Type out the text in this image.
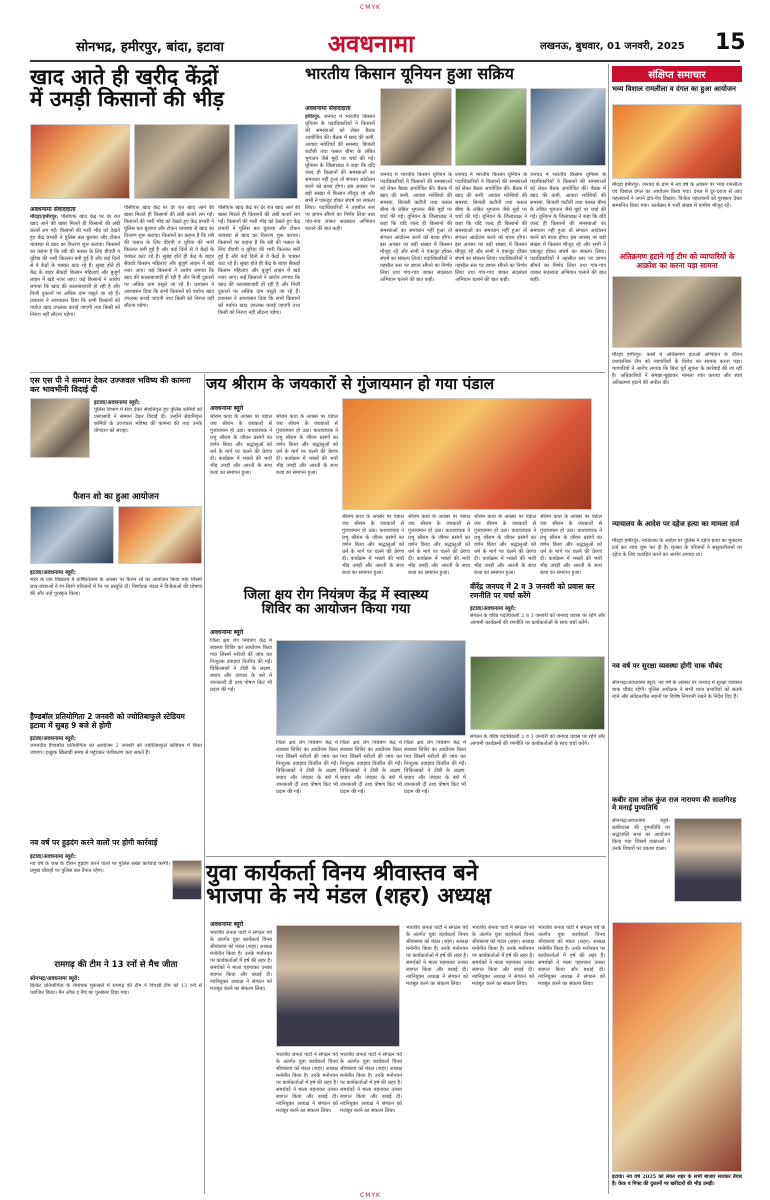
CMYK
सोनभद्र, हमीरपुर, बांदा, इटावा	अवधनामा	लखनऊ, बुधवार, 01 जनवरी, 2025 15
खाद आते ही खरीद केंद्रों
में उमड़ी किसानों की भीड़
अवधनामा संवाददाता
मौदहा/हमीरपुर: पीसीएफ खाद केंद्र पर देर रात खाद आने की खबर मिलते ही किसानों की लंबी कतारें लग गईं। किसानों की भारी भीड़ को देखते हुए केंद्र प्रभारी ने पुलिस बल बुलाया और टोकन व्यवस्था से खाद का वितरण शुरू कराया। किसानों का कहना है कि रबी की फसल के लिए डीएपी व यूरिया की भारी किल्लत बनी हुई है और कई दिनों से वे केंद्रों के चक्कर काट रहे हैं। सुबह होते ही केंद्र के बाहर सैकड़ों किसान महिलाएं और बुजुर्ग लाइन में खड़े नजर आए। कई किसानों ने आरोप लगाया कि खाद की कालाबाजारी हो रही है और निजी दुकानों पर अधिक दाम वसूले जा रहे हैं। प्रशासन ने आश्वासन दिया कि सभी किसानों को पर्याप्त खाद उपलब्ध कराई जाएगी तथा किसी को निराश नहीं लौटना पड़ेगा।
पीसीएफ खाद केंद्र पर देर रात खाद आने की खबर मिलते ही किसानों की लंबी कतारें लग गईं। किसानों की भारी भीड़ को देखते हुए केंद्र प्रभारी ने पुलिस बल बुलाया और टोकन व्यवस्था से खाद का वितरण शुरू कराया। किसानों का कहना है कि रबी की फसल के लिए डीएपी व यूरिया की भारी किल्लत बनी हुई है और कई दिनों से वे केंद्रों के चक्कर काट रहे हैं। सुबह होते ही केंद्र के बाहर सैकड़ों किसान महिलाएं और बुजुर्ग लाइन में खड़े नजर आए। कई किसानों ने आरोप लगाया कि खाद की कालाबाजारी हो रही है और निजी दुकानों पर अधिक दाम वसूले जा रहे हैं। प्रशासन ने आश्वासन दिया कि सभी किसानों को पर्याप्त खाद उपलब्ध कराई जाएगी तथा किसी को निराश नहीं लौटना पड़ेगा।
पीसीएफ खाद केंद्र पर देर रात खाद आने की खबर मिलते ही किसानों की लंबी कतारें लग गईं। किसानों की भारी भीड़ को देखते हुए केंद्र प्रभारी ने पुलिस बल बुलाया और टोकन व्यवस्था से खाद का वितरण शुरू कराया। किसानों का कहना है कि रबी की फसल के लिए डीएपी व यूरिया की भारी किल्लत बनी हुई है और कई दिनों से वे केंद्रों के चक्कर काट रहे हैं। सुबह होते ही केंद्र के बाहर सैकड़ों किसान महिलाएं और बुजुर्ग लाइन में खड़े नजर आए। कई किसानों ने आरोप लगाया कि खाद की कालाबाजारी हो रही है और निजी दुकानों पर अधिक दाम वसूले जा रहे हैं। प्रशासन ने आश्वासन दिया कि सभी किसानों को पर्याप्त खाद उपलब्ध कराई जाएगी तथा किसी को निराश नहीं लौटना पड़ेगा।
भारतीय किसान यूनियन हुआ सक्रिय
अवधनामा संवाददाता
हमीरपुर: जनपद में भारतीय किसान यूनियन के पदाधिकारियों ने किसानों की समस्याओं को लेकर बैठक आयोजित की। बैठक में खाद की कमी, आवारा मवेशियों की समस्या, बिजली कटौती तथा फसल बीमा के लंबित भुगतान जैसे मुद्दों पर चर्चा की गई। यूनियन के जिलाध्यक्ष ने कहा कि यदि जल्द ही किसानों की समस्याओं का समाधान नहीं हुआ तो संगठन आंदोलन करने को बाध्य होगा। इस अवसर पर बड़ी संख्या में किसान मौजूद रहे और सभी ने एकजुट होकर संघर्ष का संकल्प लिया। पदाधिकारियों ने तहसील स्तर पर ज्ञापन सौंपने का निर्णय लिया तथा गांव-गांव जाकर सदस्यता अभियान चलाने की बात कही।
जनपद में भारतीय किसान यूनियन के पदाधिकारियों ने किसानों की समस्याओं को लेकर बैठक आयोजित की। बैठक में खाद की कमी, आवारा मवेशियों की समस्या, बिजली कटौती तथा फसल बीमा के लंबित भुगतान जैसे मुद्दों पर चर्चा की गई। यूनियन के जिलाध्यक्ष ने कहा कि यदि जल्द ही किसानों की समस्याओं का समाधान नहीं हुआ तो संगठन आंदोलन करने को बाध्य होगा। इस अवसर पर बड़ी संख्या में किसान मौजूद रहे और सभी ने एकजुट होकर संघर्ष का संकल्प लिया। पदाधिकारियों ने तहसील स्तर पर ज्ञापन सौंपने का निर्णय लिया तथा गांव-गांव जाकर सदस्यता अभियान चलाने की बात कही।
जनपद में भारतीय किसान यूनियन के पदाधिकारियों ने किसानों की समस्याओं को लेकर बैठक आयोजित की। बैठक में खाद की कमी, आवारा मवेशियों की समस्या, बिजली कटौती तथा फसल बीमा के लंबित भुगतान जैसे मुद्दों पर चर्चा की गई। यूनियन के जिलाध्यक्ष ने कहा कि यदि जल्द ही किसानों की समस्याओं का समाधान नहीं हुआ तो संगठन आंदोलन करने को बाध्य होगा। इस अवसर पर बड़ी संख्या में किसान मौजूद रहे और सभी ने एकजुट होकर संघर्ष का संकल्प लिया। पदाधिकारियों ने तहसील स्तर पर ज्ञापन सौंपने का निर्णय लिया तथा गांव-गांव जाकर सदस्यता अभियान चलाने की बात कही।
जनपद में भारतीय किसान यूनियन के पदाधिकारियों ने किसानों की समस्याओं को लेकर बैठक आयोजित की। बैठक में खाद की कमी, आवारा मवेशियों की समस्या, बिजली कटौती तथा फसल बीमा के लंबित भुगतान जैसे मुद्दों पर चर्चा की गई। यूनियन के जिलाध्यक्ष ने कहा कि यदि जल्द ही किसानों की समस्याओं का समाधान नहीं हुआ तो संगठन आंदोलन करने को बाध्य होगा। इस अवसर पर बड़ी संख्या में किसान मौजूद रहे और सभी ने एकजुट होकर संघर्ष का संकल्प लिया। पदाधिकारियों ने तहसील स्तर पर ज्ञापन सौंपने का निर्णय लिया तथा गांव-गांव जाकर सदस्यता अभियान चलाने की बात कही।
संक्षिप्त समाचार
भव्य विशाल रामलीला व दंगल का हुआ आयोजन
मौदहा हमीरपुर: जनपद के ग्राम में नव वर्ष के अवसर पर भव्य रामलीला एवं विशाल दंगल का आयोजन किया गया। दंगल में दूर-दराज से आए पहलवानों ने अपने दांव-पेच दिखाए। विजेता पहलवानों को पुरस्कार देकर सम्मानित किया गया। कार्यक्रम में भारी संख्या में ग्रामीण मौजूद रहे।
अतिक्रमण हटाने गई टीम को व्यापारियों के आक्रोश का करना पड़ा सामना
मौदहा हमीरपुर: कस्बे में अतिक्रमण हटाओ अभियान के दौरान प्रशासनिक टीम को व्यापारियों के विरोध का सामना करना पड़ा। व्यापारियों ने आरोप लगाया कि बिना पूर्व सूचना के कार्रवाई की जा रही है। अधिकारियों ने समझा-बुझाकर मामला शांत कराया और स्वयं अतिक्रमण हटाने की अपील की।
न्यायालय के आदेश पर दहेज हत्या का मामला दर्ज
मौदहा हमीरपुर: न्यायालय के आदेश पर पुलिस ने दहेज हत्या का मुकदमा दर्ज कर जांच शुरू कर दी है। मृतका के परिजनों ने ससुरालीजनों पर दहेज के लिए प्रताड़ित करने का आरोप लगाया था।
नव वर्ष पर सुरक्षा व्यवस्था होगी चाक चौबंद
सोनभद्र/अवधनामा ब्यूरो: नव वर्ष के अवसर पर जनपद में सुरक्षा व्यवस्था चाक चौबंद रहेगी। पुलिस अधीक्षक ने सभी थाना प्रभारियों को सतर्क रहने और संवेदनशील स्थानों पर विशेष निगरानी रखने के निर्देश दिए हैं।
कबीर दास लोक कुंज राज नारायण की सालगिरह मे मनाई पुण्यतिथि
सोनभद्र/अवधनामा ब्यूरो: कबीरदास की पुण्यतिथि पर श्रद्धांजलि सभा का आयोजन किया गया जिसमें वक्ताओं ने उनके विचारों पर प्रकाश डाला।
इटावा। नव वर्ष 2025 को लेकर शहर के सभी बाजार सजकर तैयार हैं। केक व गिफ्ट की दुकानों पर खरीदारों की भीड़ उमड़ी।
एस एस पी ने सम्मान देकर उज्जवल भविष्य की कामना कर भावभीनी विदाई दी
इटावा/अवधनामा ब्यूरो:
पुलिस विभाग में सेवा देकर सेवानिवृत्त हुए पुलिस कर्मियों को एसएसपी ने सम्मान देकर विदाई दी। उन्होंने सेवानिवृत्त कर्मियों के उज्जवल भविष्य की कामना की तथा उनके योगदान को सराहा।
फैशन शो का हुआ आयोजन
इटावा/अवधनामा ब्यूरो:
शहर के एक विद्यालय में वार्षिकोत्सव के अवसर पर फैशन शो का आयोजन किया गया जिसमें छात्र-छात्राओं ने रंग-बिरंगे परिधानों में रैंप पर प्रस्तुति दी। निर्णायक मंडल ने विजेताओं की घोषणा की और उन्हें पुरस्कृत किया।
हैण्डबॉल प्रतियोगिता 2 जनवरी को ज्योतिबाफुले स्टेडियम इटावा में सुबह 9 बजे से होगी
इटावा/अवधनामा ब्यूरो:
जनपदीय हैण्डबॉल प्रतियोगिता का आयोजन 2 जनवरी को ज्योतिबाफुले स्टेडियम में किया जाएगा। इच्छुक खिलाड़ी समय से पहुंचकर पंजीकरण करा सकते हैं।
नव वर्ष पर हुड़दंग करने वालों पर होगी कार्रवाई
इटावा/अवधनामा ब्यूरो:
नव वर्ष के जश्न के दौरान हुड़दंग करने वालों पर पुलिस सख्त कार्रवाई करेगी। प्रमुख चौराहों पर पुलिस बल तैनात रहेगा।
रामगढ़ की टीम ने 13 रनों से मैच जीता
सोनभद्र/अवधनामा ब्यूरो:
क्रिकेट प्रतियोगिता के रोमांचक मुकाबले में रामगढ़ की टीम ने विपक्षी टीम को 13 रनों से पराजित किया। मैन ऑफ द मैच का पुरस्कार दिया गया।
जय श्रीराम के जयकारों से गुंजायमान हो गया पंडाल
अवधनामा ब्यूरो
श्रीराम कथा के अवसर पर पंडाल जय श्रीराम के जयकारों से गुंजायमान हो उठा। कथावाचक ने प्रभु श्रीराम के जीवन प्रसंगों का वर्णन किया और श्रद्धालुओं को धर्म के मार्ग पर चलने की प्रेरणा दी। कार्यक्रम में भक्तों की भारी भीड़ उमड़ी और आरती के साथ कथा का समापन हुआ।
श्रीराम कथा के अवसर पर पंडाल जय श्रीराम के जयकारों से गुंजायमान हो उठा। कथावाचक ने प्रभु श्रीराम के जीवन प्रसंगों का वर्णन किया और श्रद्धालुओं को धर्म के मार्ग पर चलने की प्रेरणा दी। कार्यक्रम में भक्तों की भारी भीड़ उमड़ी और आरती के साथ कथा का समापन हुआ।
श्रीराम कथा के अवसर पर पंडाल जय श्रीराम के जयकारों से गुंजायमान हो उठा। कथावाचक ने प्रभु श्रीराम के जीवन प्रसंगों का वर्णन किया और श्रद्धालुओं को धर्म के मार्ग पर चलने की प्रेरणा दी। कार्यक्रम में भक्तों की भारी भीड़ उमड़ी और आरती के साथ कथा का समापन हुआ।
श्रीराम कथा के अवसर पर पंडाल जय श्रीराम के जयकारों से गुंजायमान हो उठा। कथावाचक ने प्रभु श्रीराम के जीवन प्रसंगों का वर्णन किया और श्रद्धालुओं को धर्म के मार्ग पर चलने की प्रेरणा दी। कार्यक्रम में भक्तों की भारी भीड़ उमड़ी और आरती के साथ कथा का समापन हुआ।
श्रीराम कथा के अवसर पर पंडाल जय श्रीराम के जयकारों से गुंजायमान हो उठा। कथावाचक ने प्रभु श्रीराम के जीवन प्रसंगों का वर्णन किया और श्रद्धालुओं को धर्म के मार्ग पर चलने की प्रेरणा दी। कार्यक्रम में भक्तों की भारी भीड़ उमड़ी और आरती के साथ कथा का समापन हुआ।
श्रीराम कथा के अवसर पर पंडाल जय श्रीराम के जयकारों से गुंजायमान हो उठा। कथावाचक ने प्रभु श्रीराम के जीवन प्रसंगों का वर्णन किया और श्रद्धालुओं को धर्म के मार्ग पर चलने की प्रेरणा दी। कार्यक्रम में भक्तों की भारी भीड़ उमड़ी और आरती के साथ कथा का समापन हुआ।
वीरेंद्र जनपद में 2 व 3 जनवरी को प्रवास कर रणनीति पर चर्चा करेंगे
इटावा/अवधनामा ब्यूरो:
संगठन के वरिष्ठ पदाधिकारी 2 व 3 जनवरी को जनपद प्रवास पर रहेंगे और आगामी कार्यक्रमों की रणनीति पर कार्यकर्ताओं के साथ चर्चा करेंगे।
संगठन के वरिष्ठ पदाधिकारी 2 व 3 जनवरी को जनपद प्रवास पर रहेंगे और आगामी कार्यक्रमों की रणनीति पर कार्यकर्ताओं के साथ चर्चा करेंगे।
जिला क्षय रोग नियंत्रण केंद्र में स्वास्थ्य
शिविर का आयोजन किया गया
अवधनामा ब्यूरो
जिला क्षय रोग नियंत्रण केंद्र में स्वास्थ्य शिविर का आयोजन किया गया जिसमें मरीजों की जांच कर निःशुल्क दवाइयां वितरित की गईं। चिकित्सकों ने टीबी के लक्षण, बचाव और उपचार के बारे में जानकारी दी तथा पोषण किट भी प्रदान की गईं।
जिला क्षय रोग नियंत्रण केंद्र में स्वास्थ्य शिविर का आयोजन किया गया जिसमें मरीजों की जांच कर निःशुल्क दवाइयां वितरित की गईं। चिकित्सकों ने टीबी के लक्षण, बचाव और उपचार के बारे में जानकारी दी तथा पोषण किट भी प्रदान की गईं।
जिला क्षय रोग नियंत्रण केंद्र में स्वास्थ्य शिविर का आयोजन किया गया जिसमें मरीजों की जांच कर निःशुल्क दवाइयां वितरित की गईं। चिकित्सकों ने टीबी के लक्षण, बचाव और उपचार के बारे में जानकारी दी तथा पोषण किट भी प्रदान की गईं।
जिला क्षय रोग नियंत्रण केंद्र में स्वास्थ्य शिविर का आयोजन किया गया जिसमें मरीजों की जांच कर निःशुल्क दवाइयां वितरित की गईं। चिकित्सकों ने टीबी के लक्षण, बचाव और उपचार के बारे में जानकारी दी तथा पोषण किट भी प्रदान की गईं।
युवा कार्यकर्ता विनय श्रीवास्तव बने
भाजपा के नये मंडल (शहर) अध्यक्ष
अवधनामा ब्यूरो
भारतीय जनता पार्टी ने संगठन पर्व के अंतर्गत युवा कार्यकर्ता विनय श्रीवास्तव को मंडल (शहर) अध्यक्ष मनोनीत किया है। उनके मनोनयन पर कार्यकर्ताओं में हर्ष की लहर है। समर्थकों ने माला पहनाकर उनका स्वागत किया और बधाई दी। नवनियुक्त अध्यक्ष ने संगठन को मजबूत करने का संकल्प लिया।
भारतीय जनता पार्टी ने संगठन पर्व के अंतर्गत युवा कार्यकर्ता विनय श्रीवास्तव को मंडल (शहर) अध्यक्ष मनोनीत किया है। उनके मनोनयन पर कार्यकर्ताओं में हर्ष की लहर है। समर्थकों ने माला पहनाकर उनका स्वागत किया और बधाई दी। नवनियुक्त अध्यक्ष ने संगठन को मजबूत करने का संकल्प लिया।
भारतीय जनता पार्टी ने संगठन पर्व के अंतर्गत युवा कार्यकर्ता विनय श्रीवास्तव को मंडल (शहर) अध्यक्ष मनोनीत किया है। उनके मनोनयन पर कार्यकर्ताओं में हर्ष की लहर है। समर्थकों ने माला पहनाकर उनका स्वागत किया और बधाई दी। नवनियुक्त अध्यक्ष ने संगठन को मजबूत करने का संकल्प लिया।
भारतीय जनता पार्टी ने संगठन पर्व के अंतर्गत युवा कार्यकर्ता विनय श्रीवास्तव को मंडल (शहर) अध्यक्ष मनोनीत किया है। उनके मनोनयन पर कार्यकर्ताओं में हर्ष की लहर है। समर्थकों ने माला पहनाकर उनका स्वागत किया और बधाई दी। नवनियुक्त अध्यक्ष ने संगठन को मजबूत करने का संकल्प लिया।
भारतीय जनता पार्टी ने संगठन पर्व के अंतर्गत युवा कार्यकर्ता विनय श्रीवास्तव को मंडल (शहर) अध्यक्ष मनोनीत किया है। उनके मनोनयन पर कार्यकर्ताओं में हर्ष की लहर है। समर्थकों ने माला पहनाकर उनका स्वागत किया और बधाई दी। नवनियुक्त अध्यक्ष ने संगठन को मजबूत करने का संकल्प लिया।
भारतीय जनता पार्टी ने संगठन पर्व के अंतर्गत युवा कार्यकर्ता विनय श्रीवास्तव को मंडल (शहर) अध्यक्ष मनोनीत किया है। उनके मनोनयन पर कार्यकर्ताओं में हर्ष की लहर है। समर्थकों ने माला पहनाकर उनका स्वागत किया और बधाई दी। नवनियुक्त अध्यक्ष ने संगठन को मजबूत करने का संकल्प लिया।
CMYK
